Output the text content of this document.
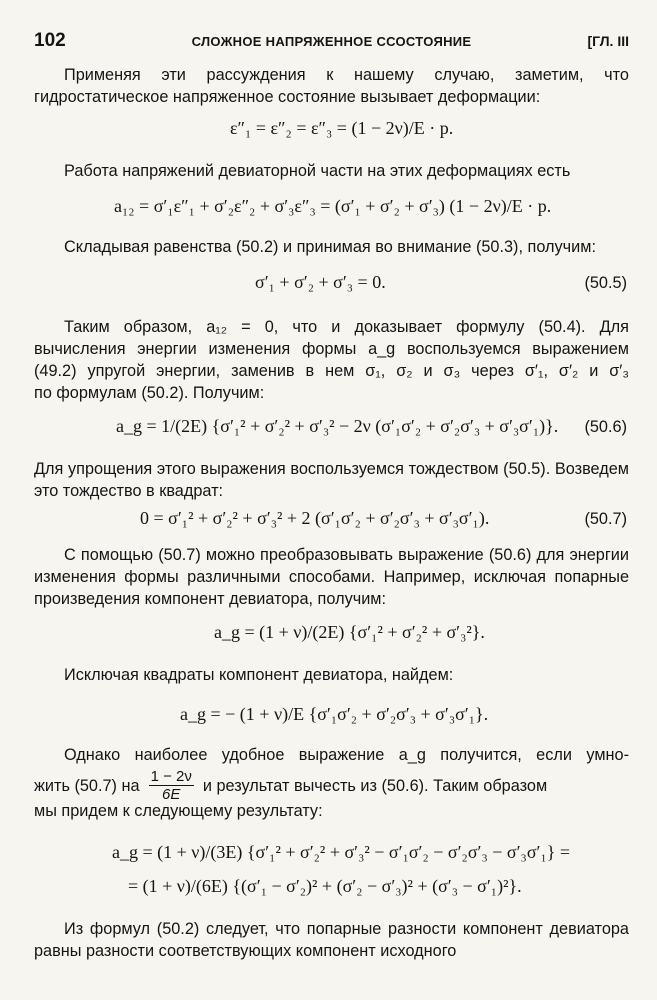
102	СЛОЖНОЕ НАПРЯЖЕННОЕ ССОСТОЯНИЕ	[ГЛ. III
Применяя эти рассуждения к нашему случаю, заметим, что гидростатическое напряженное состояние вызывает деформации:
ε″₁ = ε″₂ = ε″₃ = (1 − 2ν)/E · p.
Работа напряжений девиаторной части на этих деформациях есть
a₁₂ = σ′₁ε″₁ + σ′₂ε″₂ + σ′₃ε″₃ = (σ′₁ + σ′₂ + σ′₃) (1 − 2ν)/E · p.
Складывая равенства (50.2) и принимая во внимание (50.3), получим:
σ′₁ + σ′₂ + σ′₃ = 0.	(50.5)
Таким образом, a₁₂ = 0, что и доказывает формулу (50.4). Для
вычисления энергии изменения формы a_g воспользуемся выражением
(49.2) упругой энергии, заменив в нем σ₁, σ₂ и σ₃ через σ′₁, σ′₂ и σ′₃
по формулам (50.2). Получим:
a_g = 1/(2E) {σ′₁² + σ′₂² + σ′₃² − 2ν (σ′₁σ′₂ + σ′₂σ′₃ + σ′₃σ′₁)}. (50.6)
Для упрощения этого выражения воспользуемся тождеством (50.5). Возведем это тождество в квадрат:
0 = σ′₁² + σ′₂² + σ′₃² + 2 (σ′₁σ′₂ + σ′₂σ′₃ + σ′₃σ′₁).	(50.7)
С помощью (50.7) можно преобразовывать выражение (50.6) для энергии изменения формы различными способами. Например, исключая попарные произведения компонент девиатора, получим:
a_g = (1 + ν)/(2E) {σ′₁² + σ′₂² + σ′₃²}.
Исключая квадраты компонент девиатора, найдем:
a_g = − (1 + ν)/E {σ′₁σ′₂ + σ′₂σ′₃ + σ′₃σ′₁}.
Однако наиболее удобное выражение a_g получится, если умно-
жить (50.7) на $\frac{1 - 2\nu}{6E}$ и результат вычесть из (50.6). Таким образом
мы придем к следующему результату:
a_g = (1 + ν)/(3E) {σ′₁² + σ′₂² + σ′₃² − σ′₁σ′₂ − σ′₂σ′₃ − σ′₃σ′₁} =
= (1 + ν)/(6E) {(σ′₁ − σ′₂)² + (σ′₂ − σ′₃)² + (σ′₃ − σ′₁)²}.
Из формул (50.2) следует, что попарные разности компонент девиатора равны разности соответствующих компонент исходного
